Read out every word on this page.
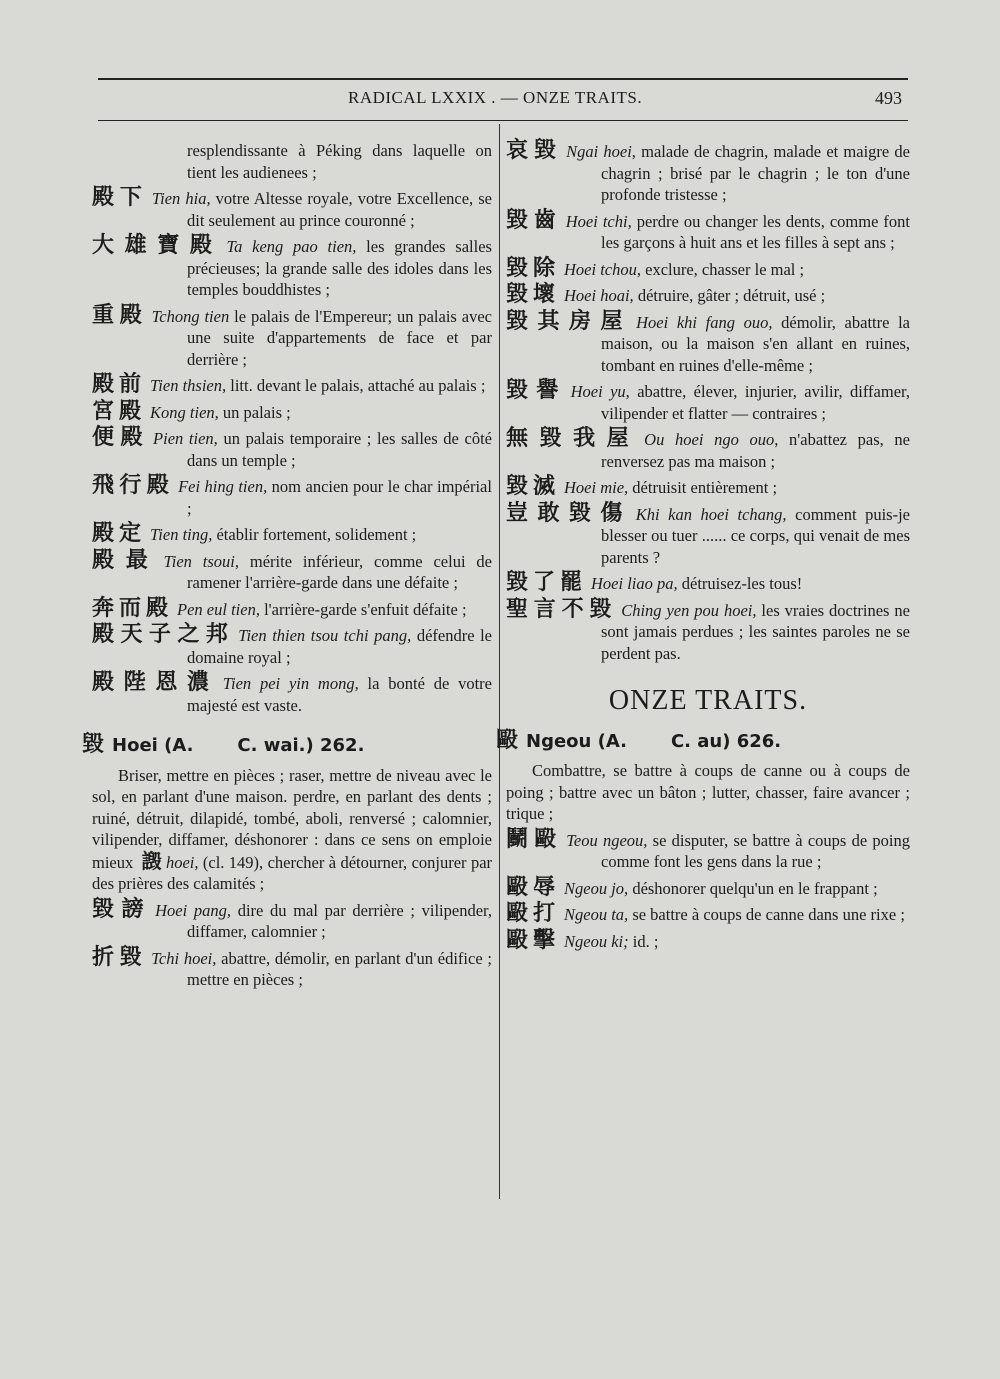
RADICAL LXXIX . — ONZE TRAITS.	493

resplendissante à Péking dans laquelle on tient les audienees ;

殿下 Tien hia, votre Altesse royale, votre Excellence, se dit seulement au prince couronné ;

大雄寶殿 Ta keng pao tien, les grandes salles précieuses; la grande salle des idoles dans les temples bouddhistes ;

重殿 Tchong tien le palais de l'Empereur; un palais avec une suite d'appartements de face et par derrière ;

殿前 Tien thsien, litt. devant le palais, attaché au palais ;

宮殿 Kong tien, un palais ;

便殿 Pien tien, un palais temporaire ; les salles de côté dans un temple ;

飛行殿 Fei hing tien, nom ancien pour le char impérial ;

殿定 Tien ting, établir fortement, solidement ;

殿最 Tien tsoui, mérite inférieur, comme celui de ramener l'arrière-garde dans une défaite ;

奔而殿 Pen eul tien, l'arrière-garde s'enfuit défaite ;

殿天子之邦 Tien thien tsou tchi pang, défendre le domaine royal ;

殿陛恩濃 Tien pei yin mong, la bonté de votre majesté est vaste.

毀 Hoei (A. C. wai.) 262.

Briser, mettre en pièces ; raser, mettre de niveau avec le sol, en parlant d'une maison. perdre, en parlant des dents ; ruiné, détruit, dilapidé, tombé, aboli, renversé ; calomnier, vilipender, diffamer, déshonorer : dans ce sens on emploie mieux 譭 hoei, (cl. 149), chercher à détourner, conjurer par des prières des calamités ;

毀謗 Hoei pang, dire du mal par derrière ; vilipender, diffamer, calomnier ;

折毀 Tchi hoei, abattre, démolir, en parlant d'un édifice ; mettre en pièces ;

哀毀 Ngai hoei, malade de chagrin, malade et maigre de chagrin ; brisé par le chagrin ; le ton d'une profonde tristesse ;

毀齒 Hoei tchi, perdre ou changer les dents, comme font les garçons à huit ans et les filles à sept ans ;

毀除 Hoei tchou, exclure, chasser le mal ;

毀壞 Hoei hoai, détruire, gâter ; détruit, usé ;

毀其房屋 Hoei khi fang ouo, démolir, abattre la maison, ou la maison s'en allant en ruines, tombant en ruines d'elle-même ;

毀譽 Hoei yu, abattre, élever, injurier, avilir, diffamer, vilipender et flatter — contraires ;

無毀我屋 Ou hoei ngo ouo, n'abattez pas, ne renversez pas ma maison ;

毀滅 Hoei mie, détruisit entièrement ;

豈敢毀傷 Khi kan hoei tchang, comment puis-je blesser ou tuer ...... ce corps, qui venait de mes parents ?

毀了罷 Hoei liao pa, détruisez-les tous!

聖言不毀 Ching yen pou hoei, les vraies doctrines ne sont jamais perdues ; les saintes paroles ne se perdent pas.

ONZE TRAITS.
毆 Ngeou (A. C. au) 626.

Combattre, se battre à coups de canne ou à coups de poing ; battre avec un bâton ; lutter, chasser, faire avancer ; trique ;

鬭毆 Teou ngeou, se disputer, se battre à coups de poing comme font les gens dans la rue ;

毆辱 Ngeou jo, déshonorer quelqu'un en le frappant ;

毆打 Ngeou ta, se battre à coups de canne dans une rixe ;

毆擊 Ngeou ki; id. ;
